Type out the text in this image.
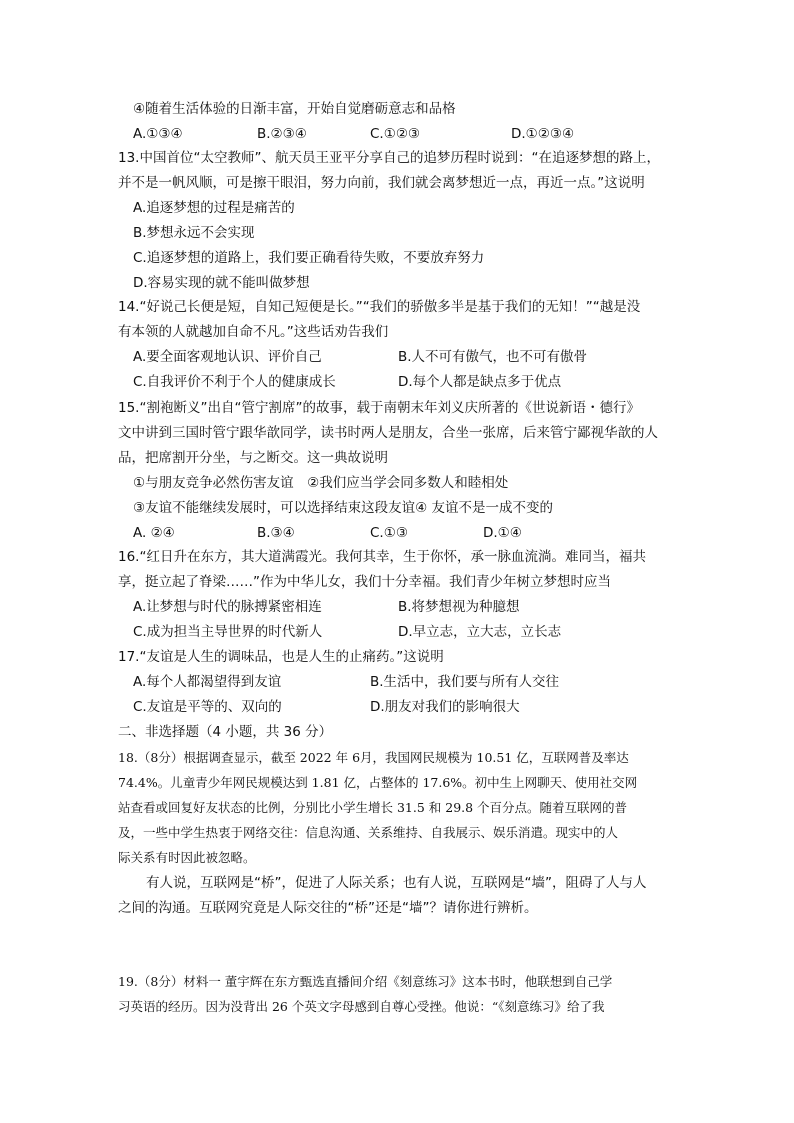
④随着生活体验的日渐丰富，开始自觉磨砺意志和品格
A.①③④	B.②③④	C.①②③	D.①②③④
13.中国首位“太空教师”、航天员王亚平分享自己的追梦历程时说到：“在追逐梦想的路上，
并不是一帆风顺，可是擦干眼泪，努力向前，我们就会离梦想近一点，再近一点。”这说明
A.追逐梦想的过程是痛苦的
B.梦想永远不会实现
C.追逐梦想的道路上，我们要正确看待失败，不要放弃努力
D.容易实现的就不能叫做梦想
14.“好说己长便是短，自知己短便是长。”“我们的骄傲多半是基于我们的无知！”“越是没
有本领的人就越加自命不凡。”这些话劝告我们
A.要全面客观地认识、评价自己	B.人不可有傲气，也不可有傲骨
C.自我评价不利于个人的健康成长	D.每个人都是缺点多于优点
15.“割袍断义”出自“管宁割席”的故事，载于南朝末年刘义庆所著的《世说新语・德行》
文中讲到三国时管宁跟华歆同学，读书时两人是朋友，合坐一张席，后来管宁鄙视华歆的人
品，把席割开分坐，与之断交。这一典故说明
①与朋友竞争必然伤害友谊　②我们应当学会同多数人和睦相处
③友谊不能继续发展时，可以选择结束这段友谊④ 友谊不是一成不变的
A. ②④	B.③④	C.①③	D.①④
16.“红日升在东方，其大道满霞光。我何其幸，生于你怀，承一脉血流淌。难同当，福共
享，挺立起了脊梁……”作为中华儿女，我们十分幸福。我们青少年树立梦想时应当
A.让梦想与时代的脉搏紧密相连	B.将梦想视为种臆想
C.成为担当主导世界的时代新人	D.早立志，立大志，立长志
17.“友谊是人生的调味品，也是人生的止痛药。”这说明
A.每个人都渴望得到友谊	B.生活中，我们要与所有人交往
C.友谊是平等的、双向的	D.朋友对我们的影响很大
二、非选择题（4 小题，共 36 分）
18.（8分）根据调查显示，截至 2022 年 6月，我国网民规模为 10.51 亿，互联网普及率达
74.4%。儿童青少年网民规模达到 1.81 亿，占整体的 17.6%。初中生上网聊天、使用社交网
站查看或回复好友状态的比例，分别比小学生增长 31.5 和 29.8 个百分点。随着互联网的普
及，一些中学生热衷于网络交往：信息沟通、关系维持、自我展示、娱乐消遣。现实中的人
际关系有时因此被忽略。
有人说，互联网是“桥”，促进了人际关系；也有人说，互联网是“墙”，阻碍了人与人
之间的沟通。互联网究竟是人际交往的“桥”还是“墙”？请你进行辨析。
19.（8分）材料一 董宇辉在东方甄选直播间介绍《刻意练习》这本书时，他联想到自己学
习英语的经历。因为没背出 26 个英文字母感到自尊心受挫。他说：“《刻意练习》给了我
